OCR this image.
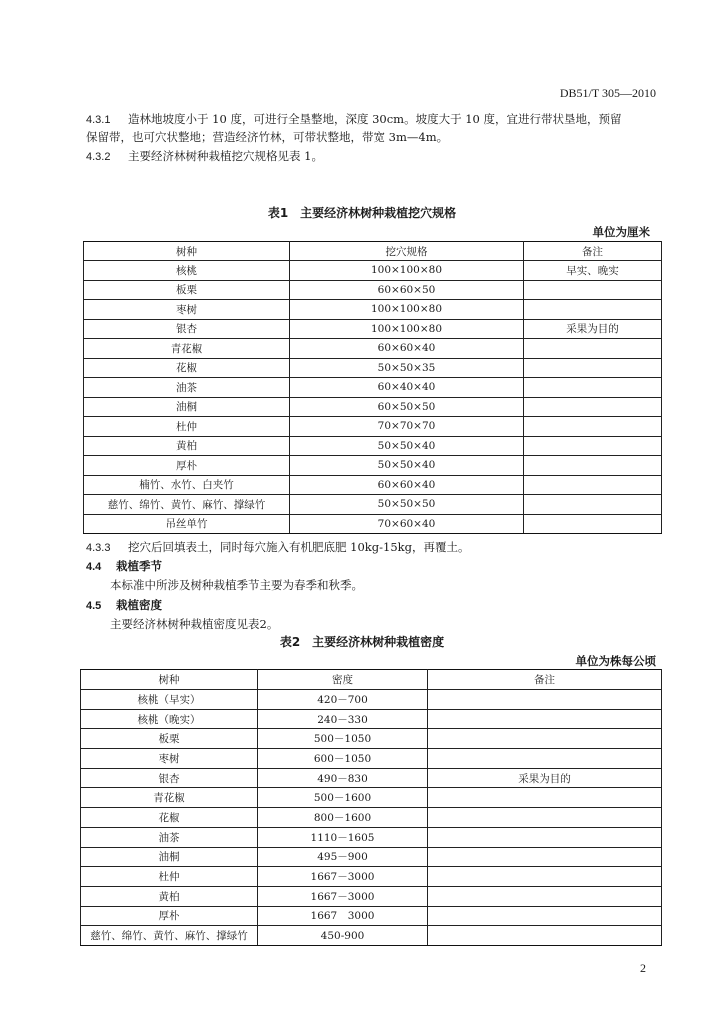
DB51/T 305—2010
4.3.1 造林地坡度小于 10 度，可进行全垦整地，深度 30cm。坡度大于 10 度，宜进行带状垦地，预留
保留带，也可穴状整地；营造经济竹林，可带状整地，带宽 3m—4m。
4.3.2 主要经济林树种栽植挖穴规格见表 1。
表1　主要经济林树种栽植挖穴规格
单位为厘米
树种	挖穴规格	备注
核桃	100×100×80	早实、晚实
板栗	60×60×50	
枣树	100×100×80	
银杏	100×100×80	采果为目的
青花椒	60×60×40	
花椒	50×50×35	
油茶	60×40×40	
油桐	60×50×50	
杜仲	70×70×70	
黄柏	50×50×40	
厚朴	50×50×40	
楠竹、水竹、白夹竹	60×60×40	
慈竹、绵竹、黄竹、麻竹、撑绿竹	50×50×50	
吊丝单竹	70×60×40	
4.3.3 挖穴后回填表土，同时每穴施入有机肥底肥 10kg-15kg，再覆土。
4.4 栽植季节
本标准中所涉及树种栽植季节主要为春季和秋季。
4.5 栽植密度
主要经济林树种栽植密度见表2。
表2　主要经济林树种栽植密度
单位为株每公顷
树种	密度	备注
核桃（早实）	420－700	
核桃（晚实）	240－330	
板栗	500－1050	
枣树	600－1050	
银杏	490－830	采果为目的
青花椒	500－1600	
花椒	800－1600	
油茶	1110－1605	
油桐	495－900	
杜仲	1667－3000	
黄柏	1667－3000	
厚朴	1667　3000	
慈竹、绵竹、黄竹、麻竹、撑绿竹	450-900	
2
